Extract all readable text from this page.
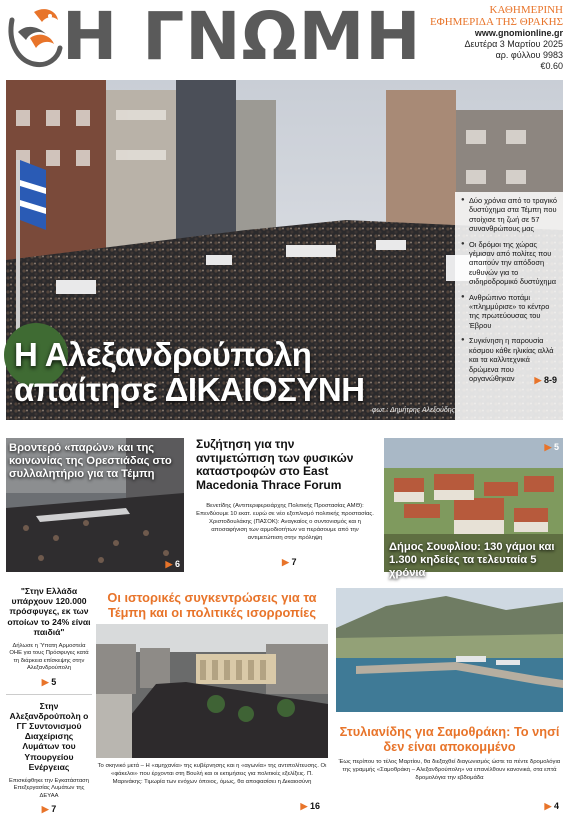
Η ΓΝΩΜΗ	ΚΑΘΗΜΕΡΙΝΗ
ΕΦΗΜΕΡΙΔΑ ΤΗΣ ΘΡΑΚΗΣ
www.gnomionline.gr
Δευτέρα 3 Μαρτίου 2025
αρ. φύλλου 9983
€0.60
Η Αλεξανδρούπολη
απαίτησε ΔΙΚΑΙΟΣΥΝΗ
φωτ.: Δημήτρης Αλεξούδης
● Δύο χρόνια από το τραγικό δυστύχημα στα Τέμπη που στοίχισε τη ζωή σε 57 συνανθρώπους μας
● Οι δρόμοι της χώρας γέμισαν από πολίτες που απαιτούν την απόδοση ευθυνών για το σιδηροδρομικό δυστύχημα
● Ανθρώπινο ποτάμι «πλημμύρισε» το κέντρο της πρωτεύουσας του Έβρου
● Συγκίνηση η παρουσία κόσμου κάθε ηλικίας αλλά και τα καλλιτεχνικά δρώμενα που οργανώθηκαν	▶ 8-9
Βροντερό «παρών» και της κοινωνίας της Ορεστιάδας στο συλλαλητήριο για τα Τέμπη
▶ 6
Συζήτηση για την αντιμετώπιση των φυσικών καταστροφών στο East Macedonia Thrace Forum

Βενετίδης (Αντιπεριφερειάρχης Πολιτικής Προστασίας ΑΜΘ): Επενδύουμε 10 εκατ. ευρώ σε νέο εξοπλισμό πολιτικής προστασίας. Χριστοδουλάκης (ΠΑΣΟΚ): Αναγκαίος ο συντονισμός και η αποσαφήνιση των αρμοδιοτήτων να περάσουμε από την αντιμετώπιση στην πρόληψη

▶ 7
Δήμος Σουφλίου: 130 γάμοι και 1.300 κηδείες τα τελευταία 5 χρόνια
▶ 5
"Στην Ελλάδα υπάρχουν 120.000 πρόσφυγες, εκ των οποίων το 24% είναι παιδιά"
Δήλωσε η Ύπατη Αρμοστεία ΟΗΕ για τους Πρόσφυγες κατά τη διάρκεια επίσκεψης στην Αλεξανδρούπολη
▶ 5
Στην Αλεξανδρούπολη ο ΓΓ Συντονισμού Διαχείρισης Λυμάτων του Υπουργείου Ενέργειας
Επισκέφθηκε την Εγκατάσταση Επεξεργασίας Λυμάτων της ΔΕΥΑΑ
▶ 7
Οι ιστορικές συγκεντρώσεις για τα Τέμπη και οι πολιτικές ισορροπίες

Το σκηνικό μετά – Η «αμηχανία» της κυβέρνησης και η «αγωνία» της αντιπολίτευσης. Οι «φάκελοι» που έρχονται στη Βουλή και οι εκτιμήσεις για πολιτικές εξελίξεις. Π. Μαρινάκης: Τιμωρία των ενόχων όποιος, όμως, θα αποφασίσει η Δικαιοσύνη

▶ 16
Στυλιανίδης για Σαμοθράκη: Το νησί δεν είναι αποκομμένο

Έως περίπου το τέλος Μαρτίου, θα διεξαχθεί διαγωνισμός ώστε τα πέντε δρομολόγια της γραμμής «Σαμοθράκη – Αλεξανδρούπολη» να επανέλθουν κανονικά, στα επτά δρομολόγια την εβδομάδα

▶ 4
